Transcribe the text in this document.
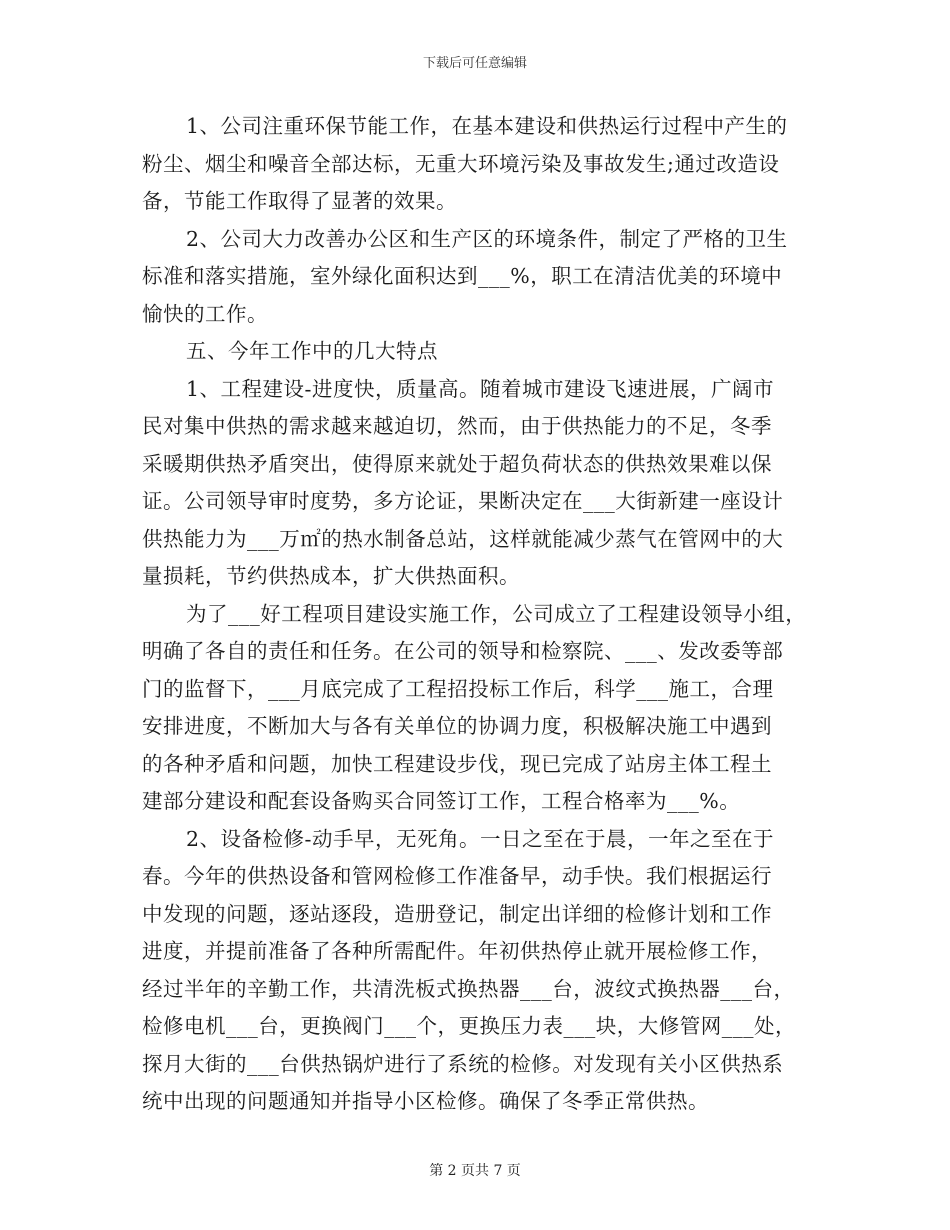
下载后可任意编辑

1、公司注重环保节能工作，在基本建设和供热运行过程中产生的
粉尘、烟尘和噪音全部达标，无重大环境污染及事故发生;通过改造设
备，节能工作取得了显著的效果。

2、公司大力改善办公区和生产区的环境条件，制定了严格的卫生
标准和落实措施，室外绿化面积达到___%，职工在清洁优美的环境中
愉快的工作。

五、今年工作中的几大特点

1、工程建设-进度快，质量高。随着城市建设飞速进展，广阔市
民对集中供热的需求越来越迫切，然而，由于供热能力的不足，冬季
采暖期供热矛盾突出，使得原来就处于超负荷状态的供热效果难以保
证。公司领导审时度势，多方论证，果断决定在___大街新建一座设计
供热能力为___万㎡的热水制备总站，这样就能减少蒸气在管网中的大
量损耗，节约供热成本，扩大供热面积。

为了___好工程项目建设实施工作，公司成立了工程建设领导小组，
明确了各自的责任和任务。在公司的领导和检察院、___、发改委等部
门的监督下，___月底完成了工程招投标工作后，科学___施工，合理
安排进度，不断加大与各有关单位的协调力度，积极解决施工中遇到
的各种矛盾和问题，加快工程建设步伐，现已完成了站房主体工程土
建部分建设和配套设备购买合同签订工作，工程合格率为___%。

2、设备检修-动手早，无死角。一日之至在于晨，一年之至在于
春。今年的供热设备和管网检修工作准备早，动手快。我们根据运行
中发现的问题，逐站逐段，造册登记，制定出详细的检修计划和工作
进度，并提前准备了各种所需配件。年初供热停止就开展检修工作，
经过半年的辛勤工作，共清洗板式换热器___台，波纹式换热器___台，
检修电机___台，更换阀门___个，更换压力表___块，大修管网___处，
探月大街的___台供热锅炉进行了系统的检修。对发现有关小区供热系
统中出现的问题通知并指导小区检修。确保了冬季正常供热。

第 2 页共 7 页
